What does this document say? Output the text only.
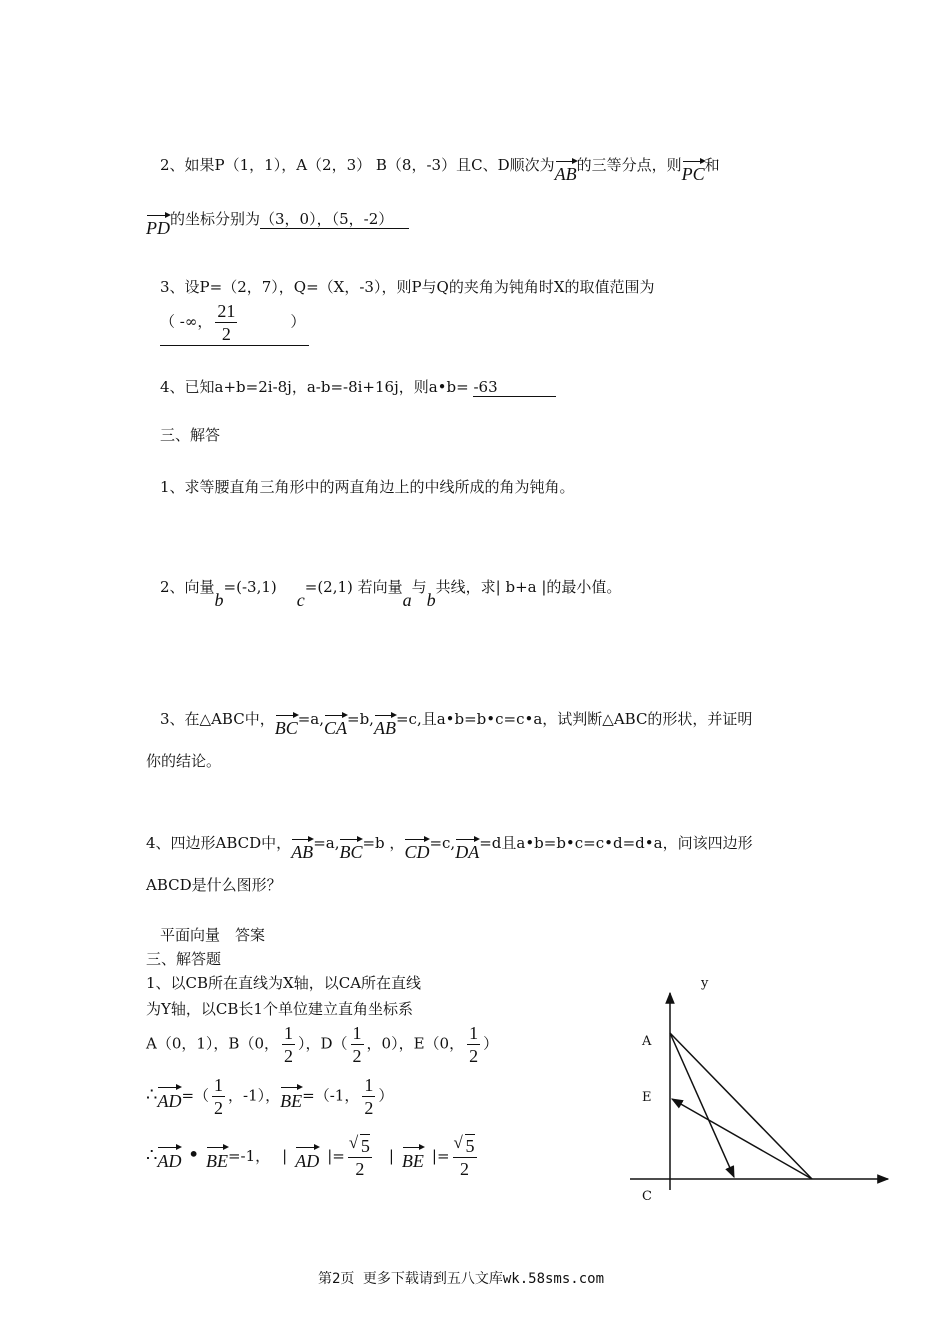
2、如果P（1，1），A（2，3） B（8，-3）且C、D顺次为AB的三等分点，则PC和
PD的坐标分别为（3，0），（5，-2）
3、设P=（2，7），Q=（X，-3），则P与Q的夹角为钝角时X的取值范围为
（ -∞， $\frac{21}{2}$	）
4、已知a+b=2i-8j，a-b=-8i+16j，则a•b= -63
三、解答
1、求等腰直角三角形中的两直角边上的中线所成的角为钝角。
2、向量b=(-3,1)c=(2,1) 若向量a与b共线，求| b+a |的最小值。
3、在△ABC中，BC=a,CA=b,AB=c,且a•b=b•c=c•a，试判断△ABC的形状，并证明
你的结论。
4、四边形ABCD中，AB=a,BC=b ，CD=c,DA=d且a•b=b•c=c•d=d•a，问该四边形
ABCD是什么图形？
平面向量　答案
三、解答题
1、以CB所在直线为X轴，以CA所在直线
为Y轴，以CB长1个单位建立直角坐标系
A（0，1），B（0， $\frac{1}{2}$ ），$D( \frac{1}{2}$ ，0），E（0， $\frac{1}{2}$ ）
∴AD=（ $\frac{1}{2}$ ，-1），BE=（-1， $\frac{1}{2}$ ）
∴AD • BE=-1， | AD |= √ $\frac{5}{2}$ | BE |= √ $\frac{5}{2}$
y
A
E
C
第2页 更多下载请到五八文库wk.58sms.com
